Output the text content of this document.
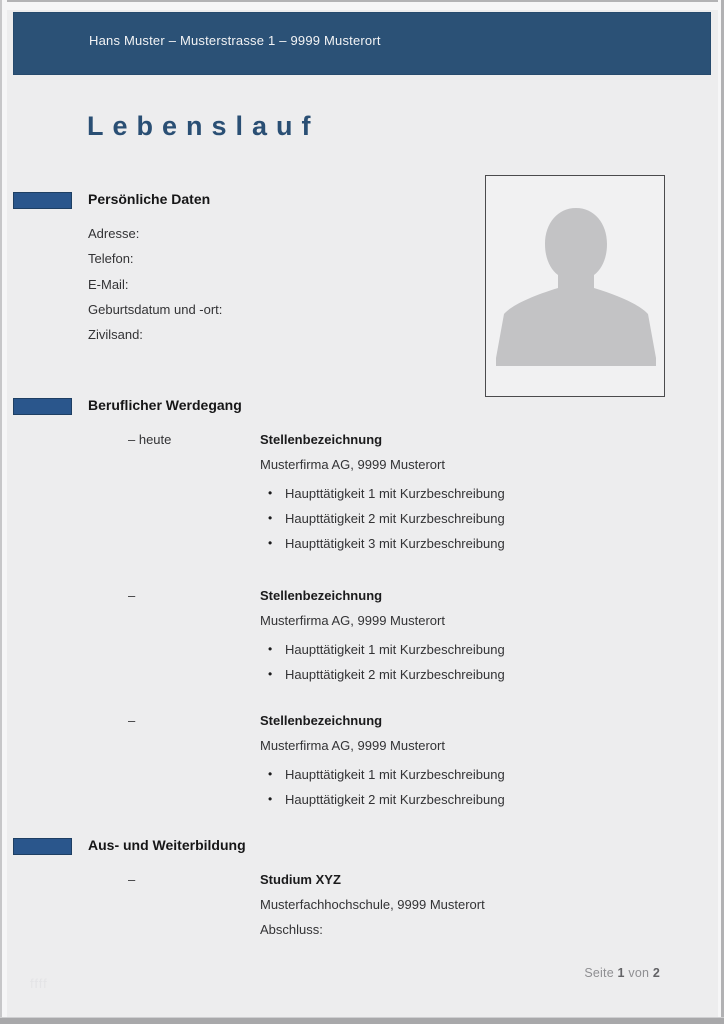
Hans Muster – Musterstrasse 1 – 9999 Musterort
Lebenslauf
Persönliche Daten
Adresse:
Telefon:
E-Mail:
Geburtsdatum und -ort:
Zivilsand:
Beruflicher Werdegang
– heute	Stellenbezeichnung
Musterfirma AG, 9999 Musterort
• Haupttätigkeit 1 mit Kurzbeschreibung
• Haupttätigkeit 2 mit Kurzbeschreibung
• Haupttätigkeit 3 mit Kurzbeschreibung
–	Stellenbezeichnung
Musterfirma AG, 9999 Musterort
• Haupttätigkeit 1 mit Kurzbeschreibung
• Haupttätigkeit 2 mit Kurzbeschreibung
–	Stellenbezeichnung
Musterfirma AG, 9999 Musterort
• Haupttätigkeit 1 mit Kurzbeschreibung
• Haupttätigkeit 2 mit Kurzbeschreibung
Aus- und Weiterbildung
–	Studium XYZ
Musterfachhochschule, 9999 Musterort
Abschluss:
ffff
Seite 1 von 2
